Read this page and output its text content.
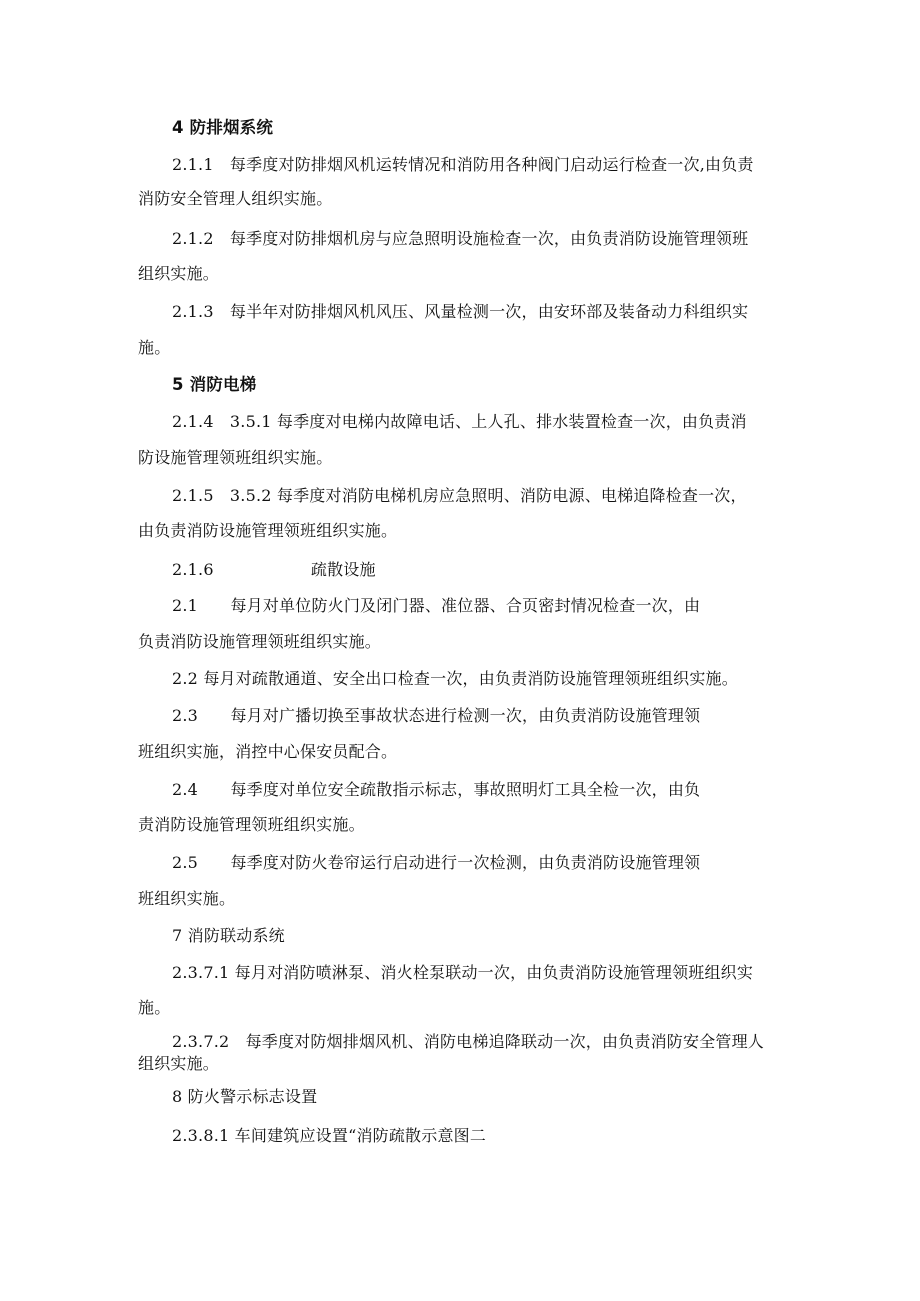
4 防排烟系统
2.1.1　每季度对防排烟风机运转情况和消防用各种阀门启动运行检查一次,由负责
消防安全管理人组织实施。
2.1.2　每季度对防排烟机房与应急照明设施检查一次，由负责消防设施管理领班
组织实施。
2.1.3　每半年对防排烟风机风压、风量检测一次，由安环部及装备动力科组织实
施。
5 消防电梯
2.1.4　3.5.1 每季度对电梯内故障电话、上人孔、排水装置检查一次，由负责消
防设施管理领班组织实施。
2.1.5　3.5.2 每季度对消防电梯机房应急照明、消防电源、电梯追降检查一次，
由负责消防设施管理领班组织实施。
2.1.6　　　　　　疏散设施
2.1　　每月对单位防火门及闭门器、准位器、合页密封情况检查一次，由
负责消防设施管理领班组织实施。
2.2 每月对疏散通道、安全出口检查一次，由负责消防设施管理领班组织实施。
2.3　　每月对广播切换至事故状态进行检测一次，由负责消防设施管理领
班组织实施，消控中心保安员配合。
2.4　　每季度对单位安全疏散指示标志，事故照明灯工具全检一次，由负
责消防设施管理领班组织实施。
2.5　　每季度对防火卷帘运行启动进行一次检测，由负责消防设施管理领
班组织实施。
7 消防联动系统
2.3.7.1 每月对消防喷淋泵、消火栓泵联动一次，由负责消防设施管理领班组织实
施。
2.3.7.2　每季度对防烟排烟风机、消防电梯追降联动一次，由负责消防安全管理人
组织实施。
8 防火警示标志设置
2.3.8.1 车间建筑应设置“消防疏散示意图二
